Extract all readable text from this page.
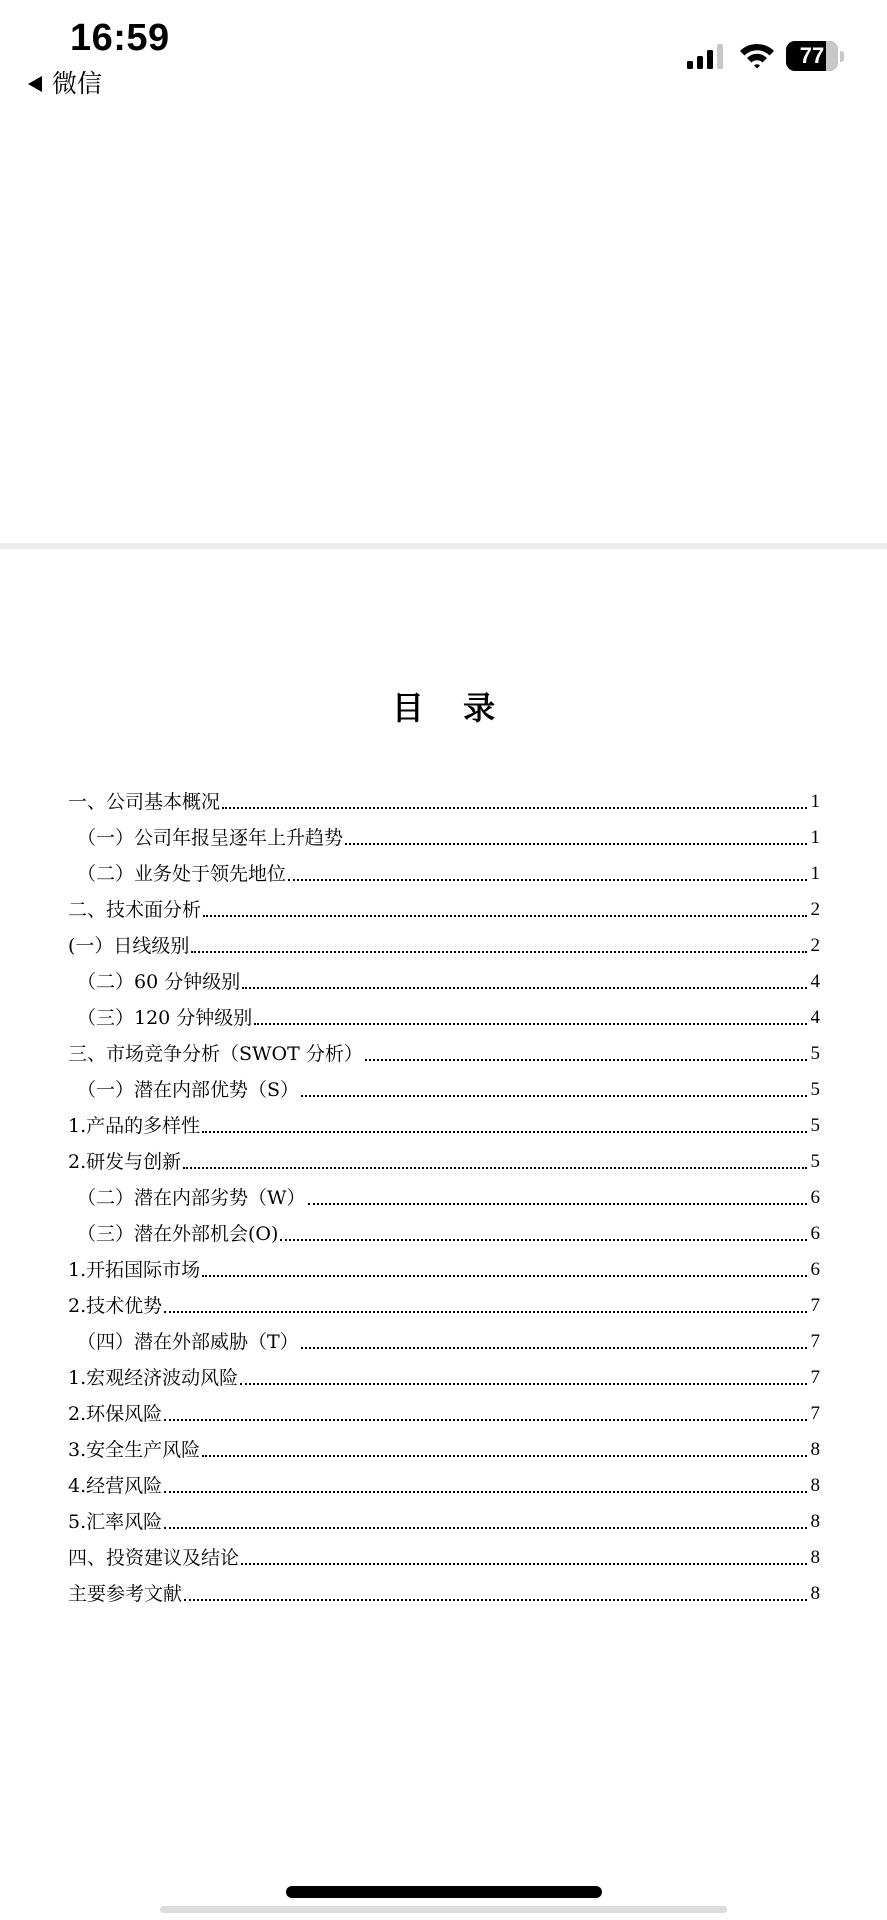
16:59
微信
77
目 录
一、公司基本概况	1
（一）公司年报呈逐年上升趋势	1
（二）业务处于领先地位	1
二、技术面分析	2
(一）日线级别	2
（二）60 分钟级别	4
（三）120 分钟级别	4
三、市场竞争分析（SWOT 分析）	5
（一）潜在内部优势（S）	5
1.产品的多样性	5
2.研发与创新	5
（二）潜在内部劣势（W）	6
（三）潜在外部机会(O)	6
1.开拓国际市场	6
2.技术优势	7
（四）潜在外部威胁（T）	7
1.宏观经济波动风险	7
2.环保风险	7
3.安全生产风险	8
4.经营风险	8
5.汇率风险	8
四、投资建议及结论	8
主要参考文献	8
